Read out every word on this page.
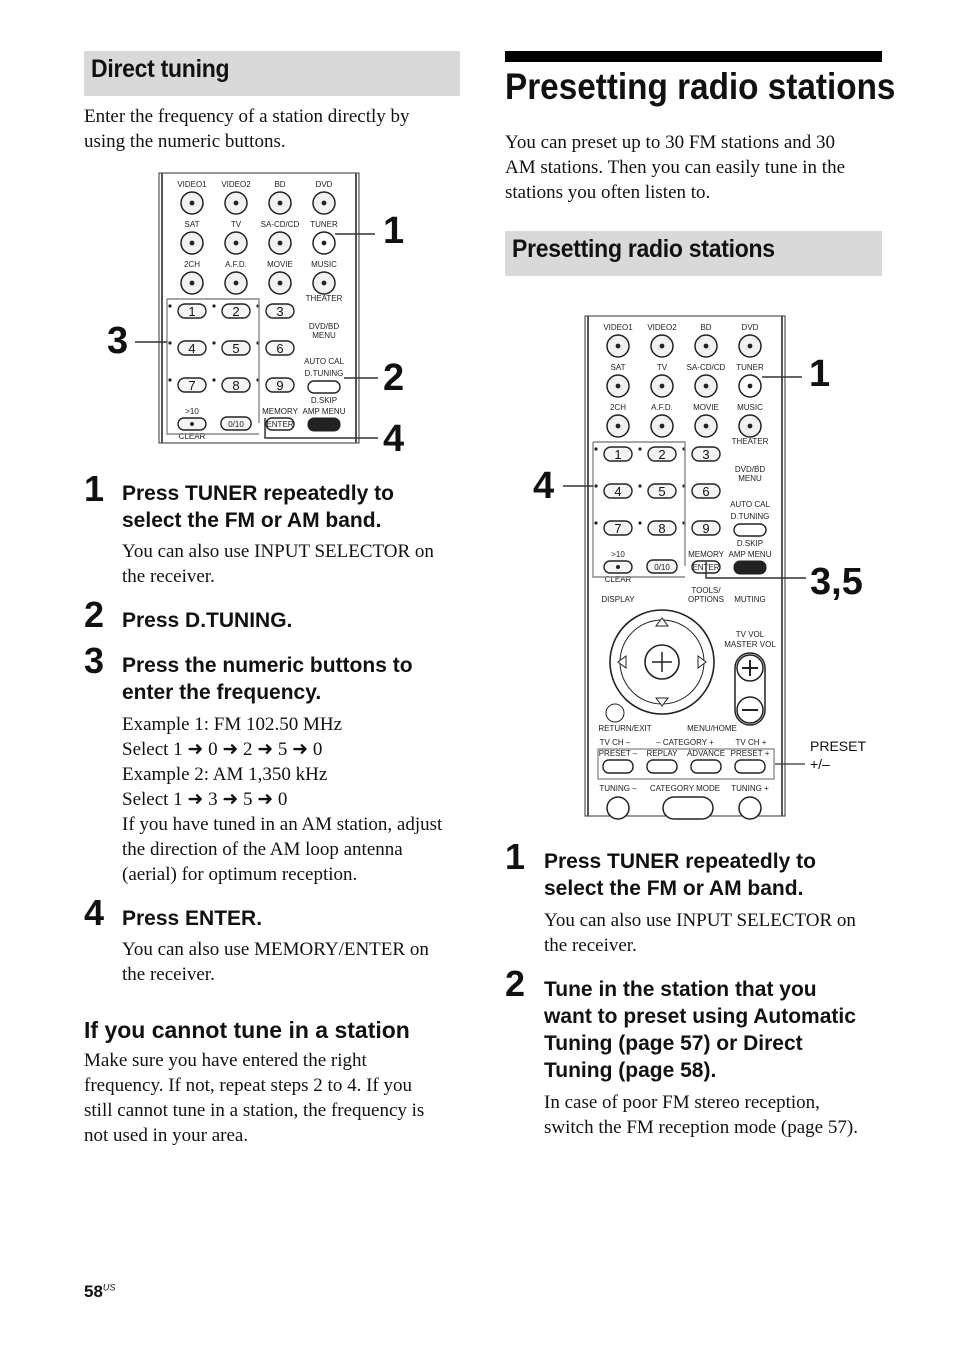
Direct tuning
Enter the frequency of a station directly by
using the numeric buttons.
VIDEO1 VIDEO2	BD	DVD
SAT	TV SA-CD/CD TUNER
2CH	A.F.D.	MOVIE MUSIC
1	2	3
4	5	6
7	8	9
THEATER
DVD/BD
MENU
AUTO CAL
D.TUNING
D.SKIP
AMP MENU
>10
CLEAR
0/10
MEMORY
ENTER
1
3
2
4
1 Press TUNER repeatedly to
select the FM or AM band.
You can also use INPUT SELECTOR on
the receiver.
2 Press D.TUNING.
3 Press the numeric buttons to
enter the frequency.
Example 1: FM 102.50 MHz
Select 1 ➜ 0 ➜ 2 ➜ 5 ➜ 0
Example 2: AM 1,350 kHz
Select 1 ➜ 3 ➜ 5 ➜ 0
If you have tuned in an AM station, adjust
the direction of the AM loop antenna
(aerial) for optimum reception.
4 Press ENTER.
You can also use MEMORY/ENTER on
the receiver.
If you cannot tune in a station
Make sure you have entered the right
frequency. If not, repeat steps 2 to 4. If you
still cannot tune in a station, the frequency is
not used in your area.
Presetting radio stations
You can preset up to 30 FM stations and 30
AM stations. Then you can easily tune in the
stations you often listen to.
Presetting radio stations
VIDEO1 VIDEO2	BD	DVD
SAT	TV SA-CD/CD TUNER
2CH	A.F.D.	MOVIE MUSIC
1	2	3
4	5	6
7	8	9
THEATER
DVD/BD
MENU
AUTO CAL
D.TUNING
D.SKIP
AMP MENU
>10
CLEAR
0/10
MEMORY
ENTER
TOOLS/
OPTIONS
DISPLAY	MUTING
TV VOL
MASTER VOL
RETURN/EXIT	MENU/HOME
TV CH –	– CATEGORY +	TV CH +
PRESET – REPLAY ADVANCE PRESET +
TUNING – CATEGORY MODE TUNING +
1
4
3,5
PRESET
+/–
1 Press TUNER repeatedly to
select the FM or AM band.
You can also use INPUT SELECTOR on
the receiver.
2 Tune in the station that you
want to preset using Automatic
Tuning (page 57) or Direct
Tuning (page 58).
In case of poor FM stereo reception,
switch the FM reception mode (page 57).
$58^{US}$
